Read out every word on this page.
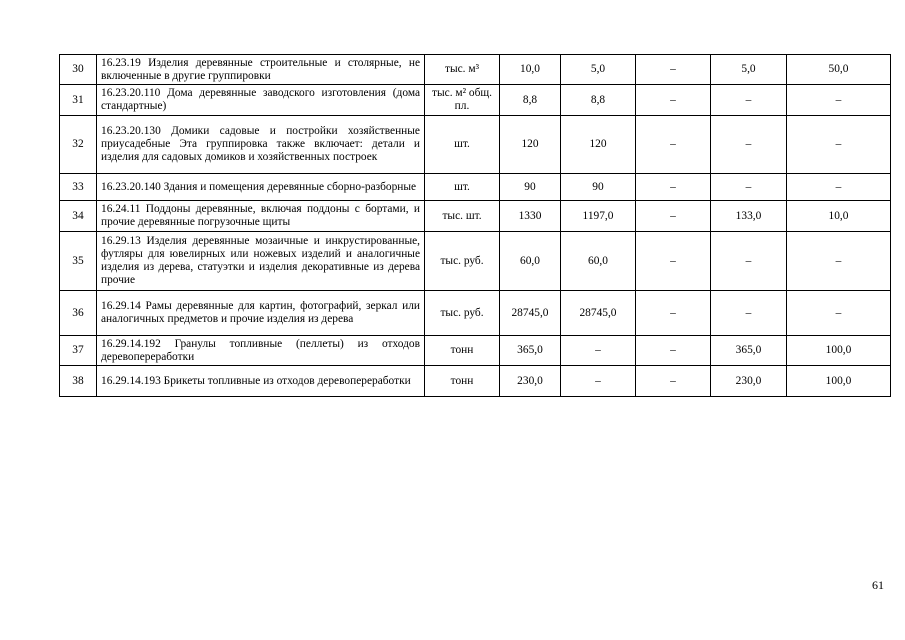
30	16.23.19 Изделия деревянные строительные и столярные, не включенные в другие группировки	тыс. м³	10,0	5,0	–	5,0	50,0
31	16.23.20.110 Дома деревянные заводского изготовления (дома стандартные)	тыс. м² общ. пл.	8,8	8,8	–	–	–
32	16.23.20.130 Домики садовые и постройки хозяйственные приусадебные Эта группировка также включает: детали и изделия для садовых домиков и хозяйственных построек	шт.	120	120	–	–	–
33	16.23.20.140 Здания и помещения деревянные сборно-разборные	шт.	90	90	–	–	–
34	16.24.11 Поддоны деревянные, включая поддоны с бортами, и прочие деревянные погрузочные щиты	тыс. шт.	1330	1197,0	–	133,0	10,0
35	16.29.13 Изделия деревянные мозаичные и инкрустированные, футляры для ювелирных или ножевых изделий и аналогичные изделия из дерева, статуэтки и изделия декоративные из дерева прочие	тыс. руб.	60,0	60,0	–	–	–
36	16.29.14 Рамы деревянные для картин, фотографий, зеркал или аналогичных предметов и прочие изделия из дерева	тыс. руб.	28745,0	28745,0	–	–	–
37	16.29.14.192 Гранулы топливные (пеллеты) из отходов деревопереработки	тонн	365,0	–	–	365,0	100,0
38	16.29.14.193 Брикеты топливные из отходов деревопереработки	тонн	230,0	–	–	230,0	100,0
61
